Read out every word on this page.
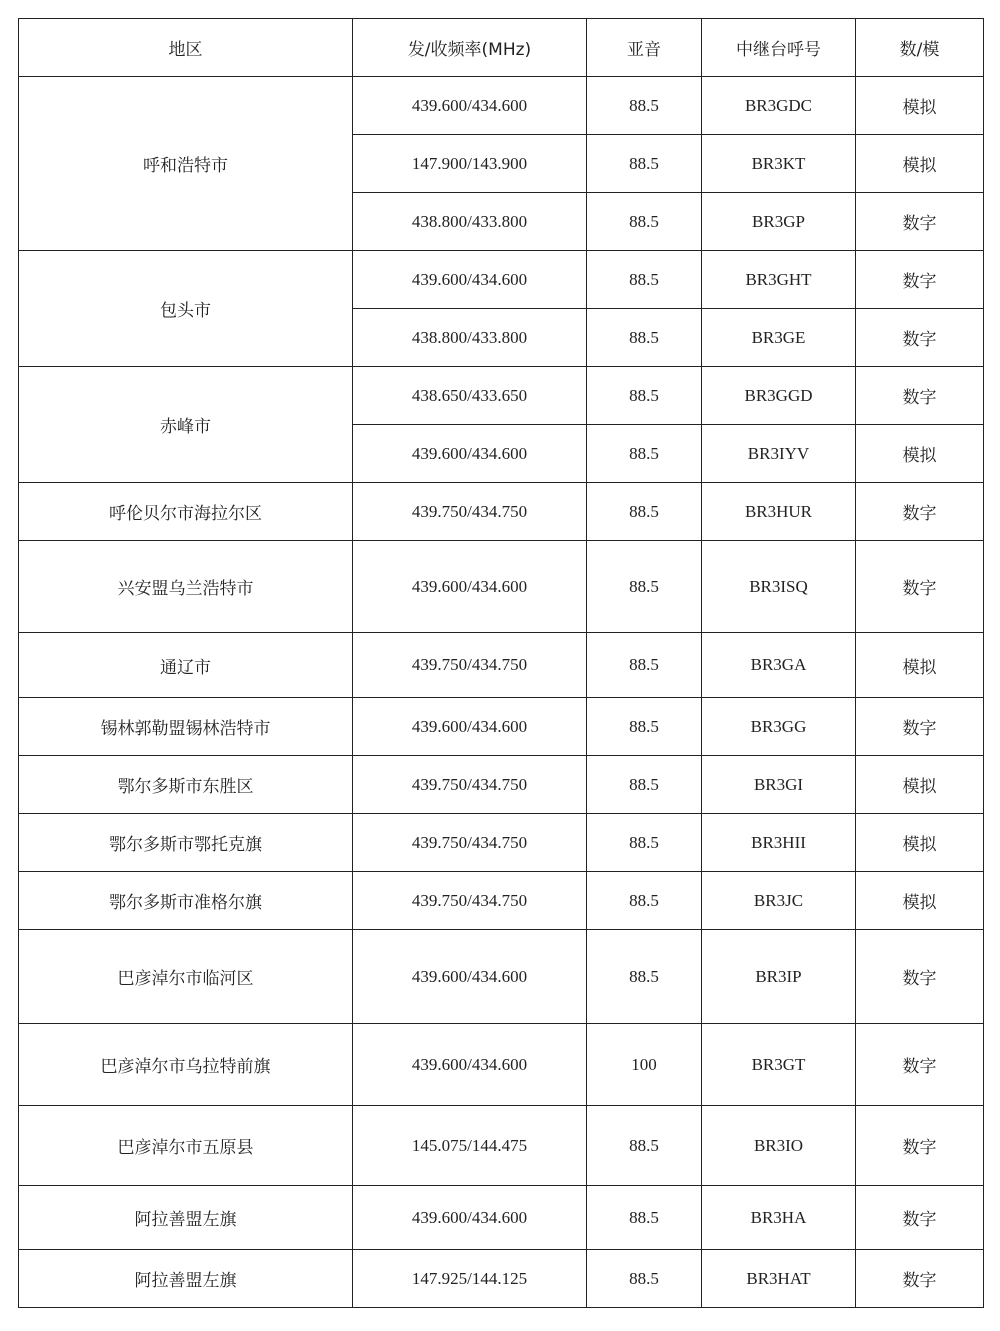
地区	发/收频率(MHz)	亚音	中继台呼号	数/模
呼和浩特市	439.600/434.600	88.5	BR3GDC	模拟
	147.900/143.900	88.5	BR3KT	模拟
	438.800/433.800	88.5	BR3GP	数字
包头市	439.600/434.600	88.5	BR3GHT	数字
	438.800/433.800	88.5	BR3GE	数字
赤峰市	438.650/433.650	88.5	BR3GGD	数字
	439.600/434.600	88.5	BR3IYV	模拟
呼伦贝尔市海拉尔区	439.750/434.750	88.5	BR3HUR	数字
兴安盟乌兰浩特市	439.600/434.600	88.5	BR3ISQ	数字
通辽市	439.750/434.750	88.5	BR3GA	模拟
锡林郭勒盟锡林浩特市	439.600/434.600	88.5	BR3GG	数字
鄂尔多斯市东胜区	439.750/434.750	88.5	BR3GI	模拟
鄂尔多斯市鄂托克旗	439.750/434.750	88.5	BR3HII	模拟
鄂尔多斯市准格尔旗	439.750/434.750	88.5	BR3JC	模拟
巴彦淖尔市临河区	439.600/434.600	88.5	BR3IP	数字
巴彦淖尔市乌拉特前旗	439.600/434.600	100	BR3GT	数字
巴彦淖尔市五原县	145.075/144.475	88.5	BR3IO	数字
阿拉善盟左旗	439.600/434.600	88.5	BR3HA	数字
阿拉善盟左旗	147.925/144.125	88.5	BR3HAT	数字
